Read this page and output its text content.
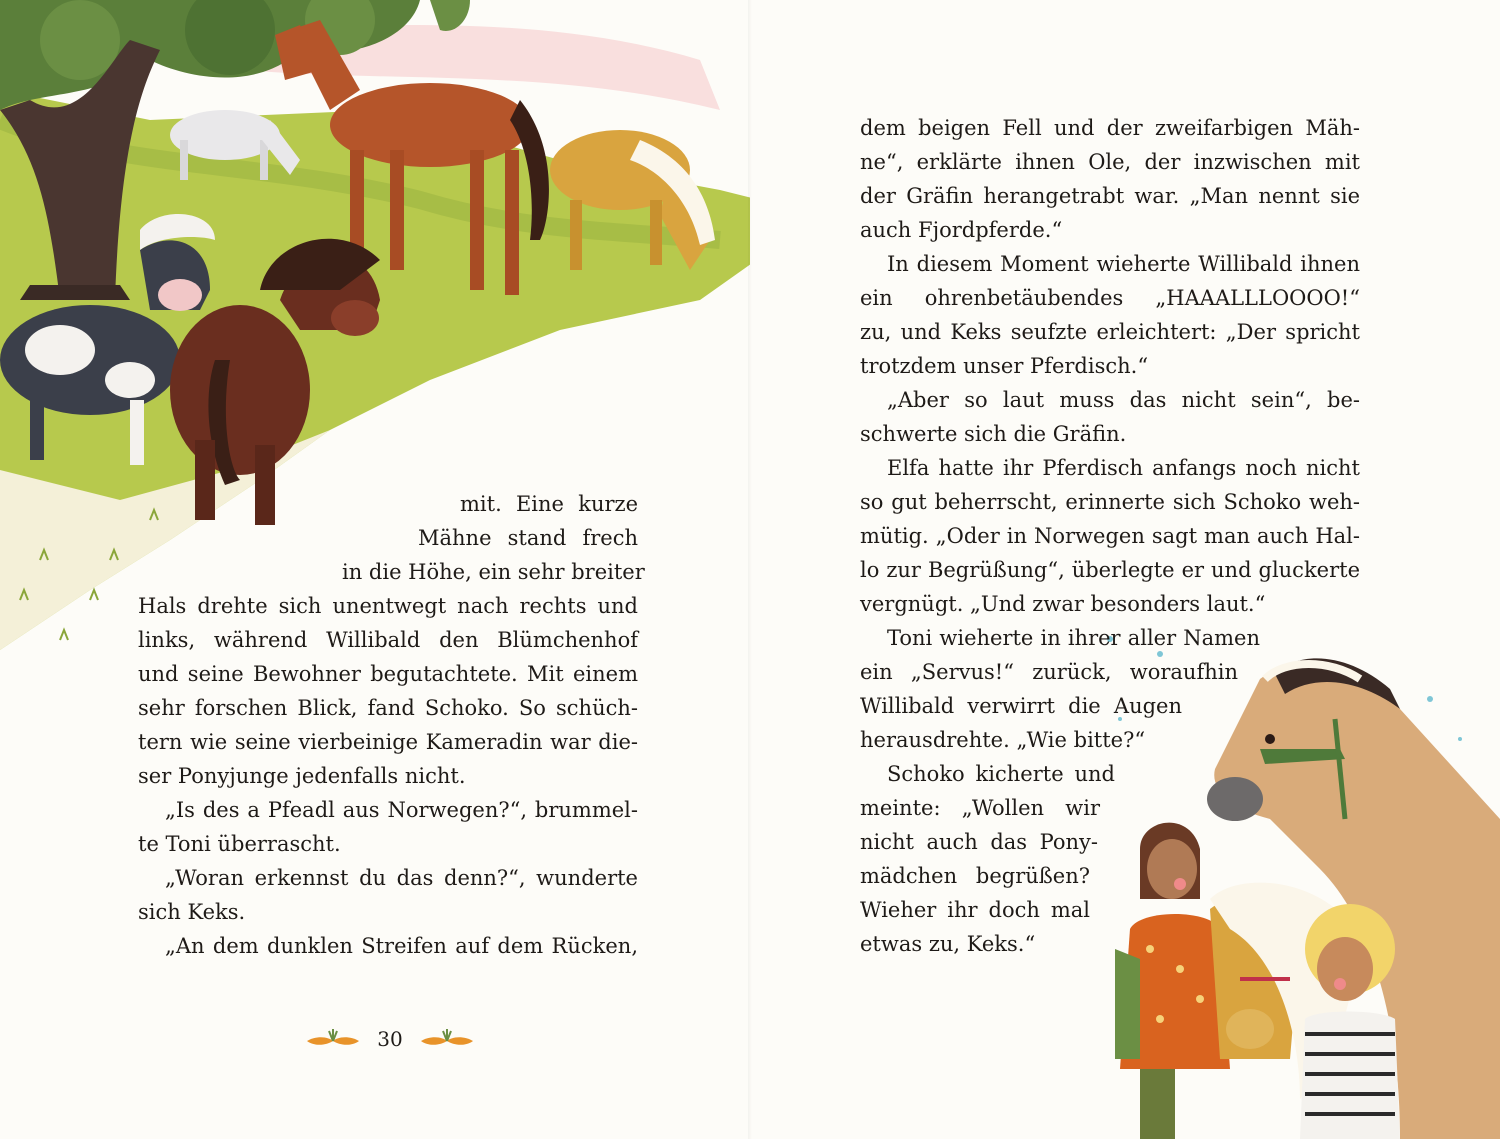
mit. Eine kurze
Mähne stand frech
in die Höhe, ein sehr breiter
Hals drehte sich unentwegt nach rechts und
links, während Willibald den Blümchenhof
und seine Bewohner begutachtete. Mit einem
sehr forschen Blick, fand Schoko. So schüch-
tern wie seine vierbeinige Kameradin war die-
ser Ponyjunge jedenfalls nicht.
„Is des a Pfeadl aus Norwegen?“, brummel-
te Toni überrascht.
„Woran erkennst du das denn?“, wunderte
sich Keks.
„An dem dunklen Streifen auf dem Rücken,
30
dem beigen Fell und der zweifarbigen Mäh-
ne“, erklärte ihnen Ole, der inzwischen mit
der Gräfin herangetrabt war. „Man nennt sie
auch Fjordpferde.“
In diesem Moment wieherte Willibald ihnen
ein ohrenbetäubendes „HAAALLLOOOO!“
zu, und Keks seufzte erleichtert: „Der spricht
trotzdem unser Pferdisch.“
„Aber so laut muss das nicht sein“, be-
schwerte sich die Gräfin.
Elfa hatte ihr Pferdisch anfangs noch nicht
so gut beherrscht, erinnerte sich Schoko weh-
mütig. „Oder in Norwegen sagt man auch Hal-
lo zur Begrüßung“, überlegte er und gluckerte
vergnügt. „Und zwar besonders laut.“
Toni wieherte in ihrer aller Namen
ein „Servus!“ zurück, woraufhin
Willibald verwirrt die Augen
herausdrehte. „Wie bitte?“
Schoko kicherte und
meinte: „Wollen wir
nicht auch das Pony-
mädchen begrüßen?
Wieher ihr doch mal
etwas zu, Keks.“
